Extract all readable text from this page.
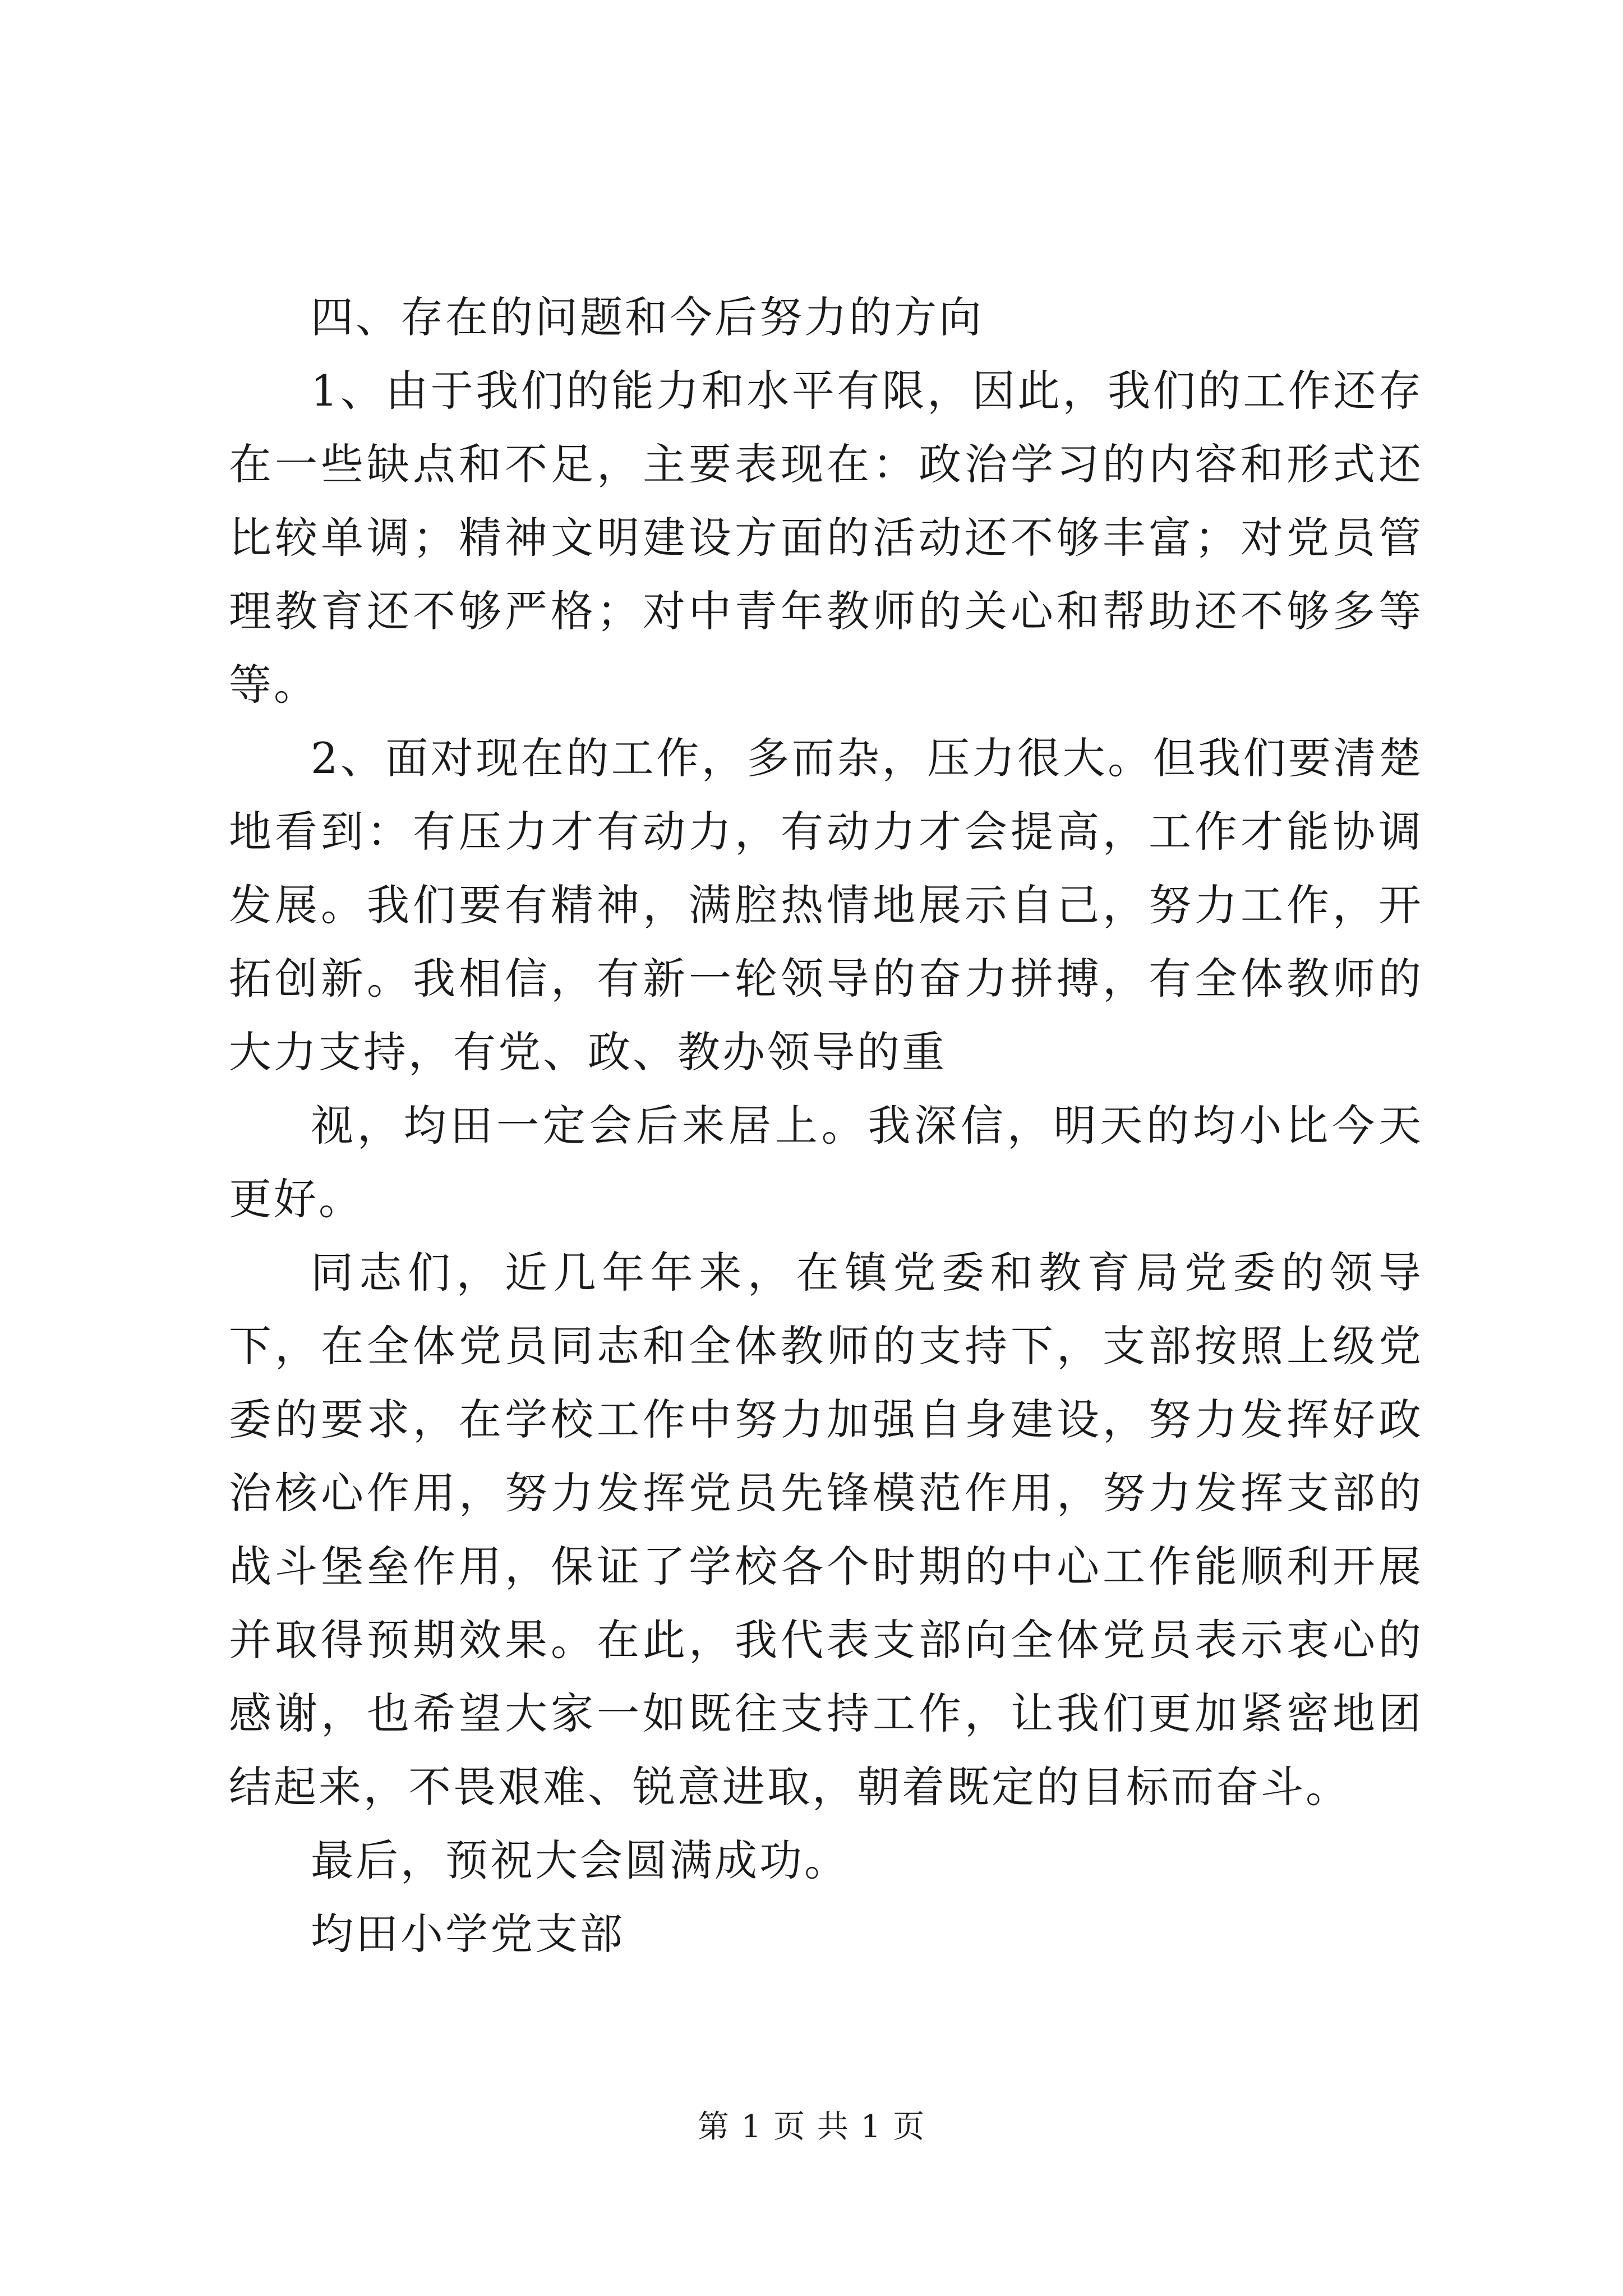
四、存在的问题和今后努力的方向

1、由于我们的能力和水平有限，因此，我们的工作还存在一些缺点和不足，主要表现在：政治学习的内容和形式还比较单调；精神文明建设方面的活动还不够丰富；对党员管理教育还不够严格；对中青年教师的关心和帮助还不够多等等。

2、面对现在的工作，多而杂，压力很大。但我们要清楚地看到：有压力才有动力，有动力才会提高，工作才能协调发展。我们要有精神，满腔热情地展示自己，努力工作，开拓创新。我相信，有新一轮领导的奋力拼搏，有全体教师的大力支持，有党、政、教办领导的重

视，均田一定会后来居上。我深信，明天的均小比今天更好。

同志们，近几年年来，在镇党委和教育局党委的领导下，在全体党员同志和全体教师的支持下，支部按照上级党委的要求，在学校工作中努力加强自身建设，努力发挥好政治核心作用，努力发挥党员先锋模范作用，努力发挥支部的战斗堡垒作用，保证了学校各个时期的中心工作能顺利开展并取得预期效果。在此，我代表支部向全体党员表示衷心的感谢，也希望大家一如既往支持工作，让我们更加紧密地团结起来，不畏艰难、锐意进取，朝着既定的目标而奋斗。

最后，预祝大会圆满成功。

均田小学党支部

第 1 页 共 1 页
